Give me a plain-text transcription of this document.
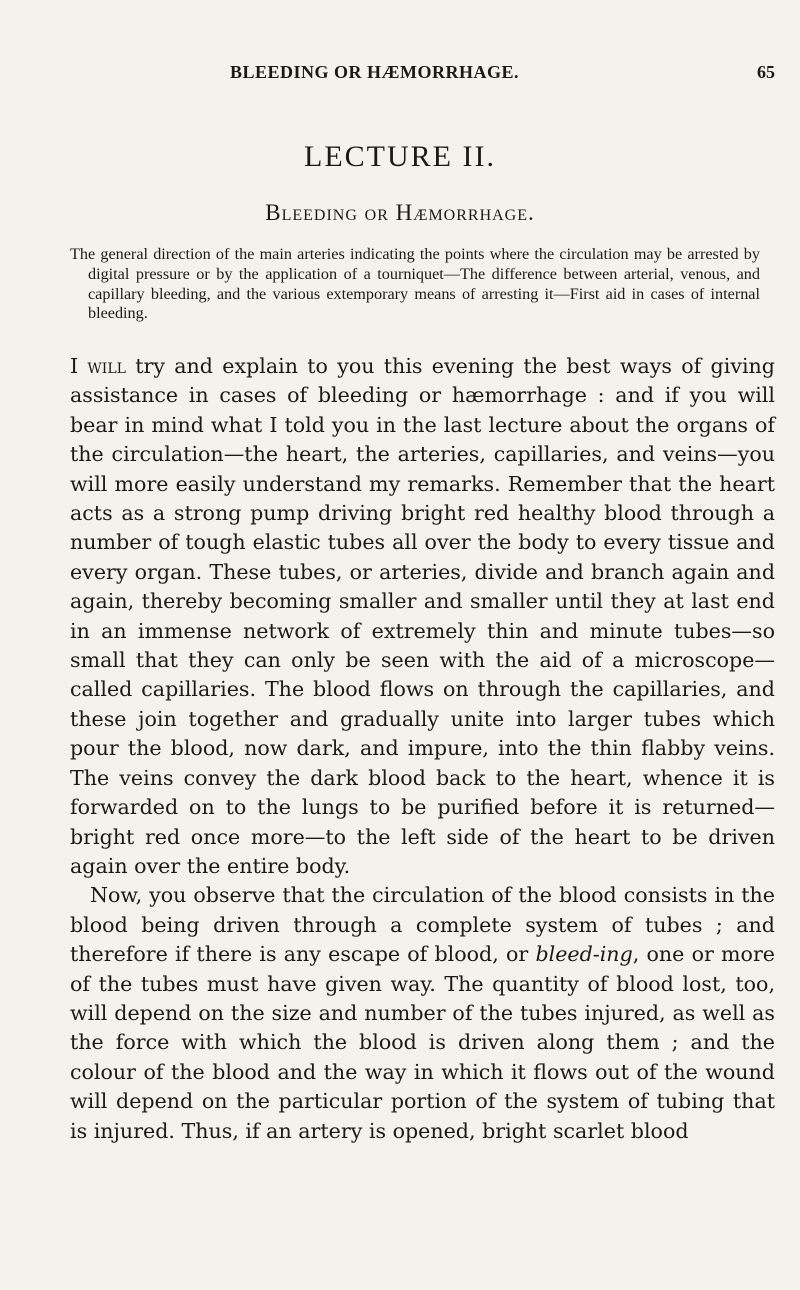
BLEEDING OR HÆMORRHAGE.	65
LECTURE II.
Bleeding or Hæmorrhage.

The general direction of the main arteries indicating the points where the circulation may be arrested by digital pressure or by the application of a tourniquet—The difference between arterial, venous, and capillary bleeding, and the various extemporary means of arresting it—First aid in cases of internal bleeding.

I will try and explain to you this evening the best ways of giving assistance in cases of bleeding or hæmorrhage : and if you will bear in mind what I told you in the last lecture about the organs of the circulation—the heart, the arteries, capillaries, and veins—you will more easily understand my remarks. Remember that the heart acts as a strong pump driving bright red healthy blood through a number of tough elastic tubes all over the body to every tissue and every organ. These tubes, or arteries, divide and branch again and again, thereby becoming smaller and smaller until they at last end in an immense network of extremely thin and minute tubes—so small that they can only be seen with the aid of a microscope—called capillaries. The blood flows on through the capillaries, and these join together and gradually unite into larger tubes which pour the blood, now dark, and impure, into the thin flabby veins. The veins convey the dark blood back to the heart, whence it is forwarded on to the lungs to be purified before it is returned—bright red once more—to the left side of the heart to be driven again over the entire body.

Now, you observe that the circulation of the blood consists in the blood being driven through a complete system of tubes ; and therefore if there is any escape of blood, or bleed-ing, one or more of the tubes must have given way. The quantity of blood lost, too, will depend on the size and number of the tubes injured, as well as the force with which the blood is driven along them ; and the colour of the blood and the way in which it flows out of the wound will depend on the particular portion of the system of tubing that is injured. Thus, if an artery is opened, bright scarlet blood
